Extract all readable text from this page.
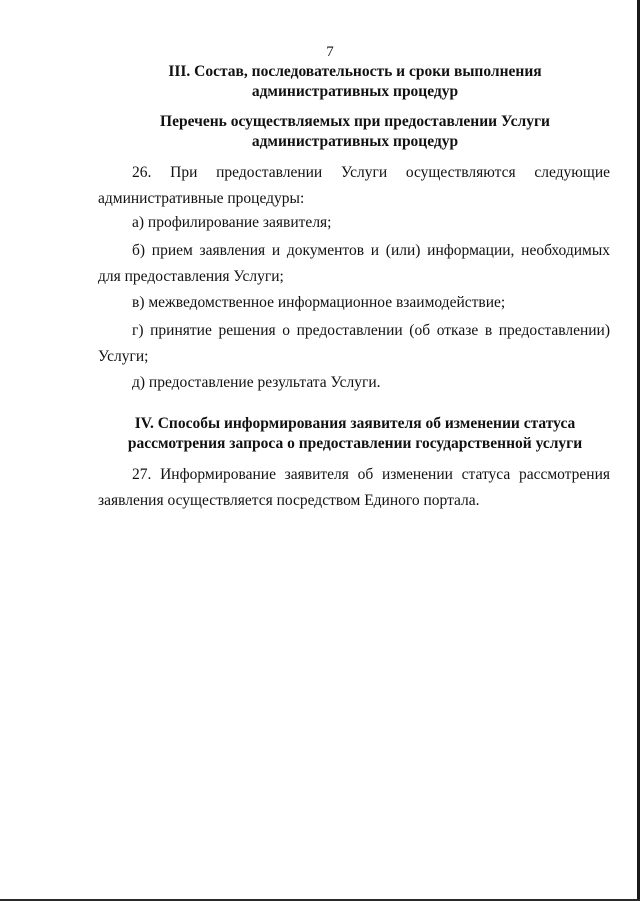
7
III. Состав, последовательность и сроки выполнения административных процедур
Перечень осуществляемых при предоставлении Услуги административных процедур
26. При предоставлении Услуги осуществляются следующие
административные процедуры:
а) профилирование заявителя;
б) прием заявления и документов и (или) информации, необходимых
для предоставления Услуги;
в) межведомственное информационное взаимодействие;
г) принятие решения о предоставлении (об отказе в предоставлении)
Услуги;
д) предоставление результата Услуги.
IV. Способы информирования заявителя об изменении статуса рассмотрения запроса о предоставлении государственной услуги
27. Информирование заявителя об изменении статуса рассмотрения
заявления осуществляется посредством Единого портала.
